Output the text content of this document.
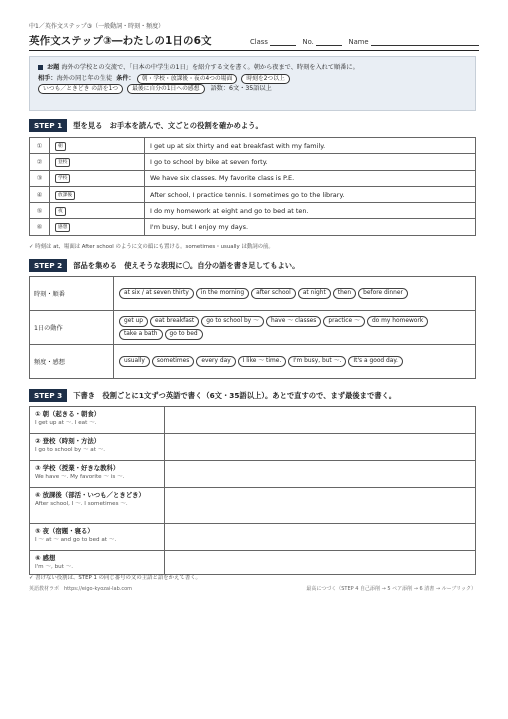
中1／英作文ステップ③（一般動詞・時刻・頻度）
英作文ステップ③―わたしの1日の6文	Class	No.	Name
お題 海外の学校との交流で、「日本の中学生の1日」を紹介する文を書く。朝から夜まで、時刻を入れて順番に。
相手：海外の同じ年の生徒 条件： 朝・学校・放課後・夜の4つの場面 時刻を2つ以上
いつも／ときどき の語を1つ 最後に自分の1日への感想 語数：6文・35語以上
STEP 1 型を見る　お手本を読んで、文ごとの役割を確かめよう。
①	朝	I get up at six thirty and eat breakfast with my family.
②	登校	I go to school by bike at seven forty.
③	学校	We have six classes. My favorite class is P.E.
④	放課後	After school, I practice tennis. I sometimes go to the library.
⑤	夜	I do my homework at eight and go to bed at ten.
⑥	感想	I'm busy, but I enjoy my days.
✓ 時刻は at、場面は After school のように文の頭にも置ける。sometimes・usually は動詞の前。
STEP 2 部品を集める　使えそうな表現に〇。自分の語を書き足してもよい。
時刻・順番	at six / at seven thirty in the morning after school at night then before dinner
1日の動作	get up eat breakfast go to school by ～ have ～ classes practice ～ do my homeworktake a bath go to bed
頻度・感想	usually sometimes every day I like ～ time. I'm busy, but ～. It's a good day.
STEP 3 下書き　役割ごとに1文ずつ英語で書く（6文・35語以上）。あとで直すので、まず最後まで書く。
① 朝（起きる・朝食）
I get up at ～. I eat ～.	

② 登校（時刻・方法）
I go to school by ～ at ～.	

③ 学校（授業・好きな教科）
We have ～. My favorite ～ is ～.	

④ 放課後（部活・いつも／ときどき）
After school, I ～. I sometimes ～.	

⑤ 夜（宿題・寝る）
I ～ at ～ and go to bed at ～.	

⑥ 感想
I'm ～, but ～.	

✓ 書けない役割は、STEP 1 の同じ番号の文の主語と語をかえて書く。
英語教材ラボ　https://eigo-kyozai-lab.com	最高につづく（STEP 4 自己添削 → 5 ペア添削 → 6 清書 → ルーブリック）
